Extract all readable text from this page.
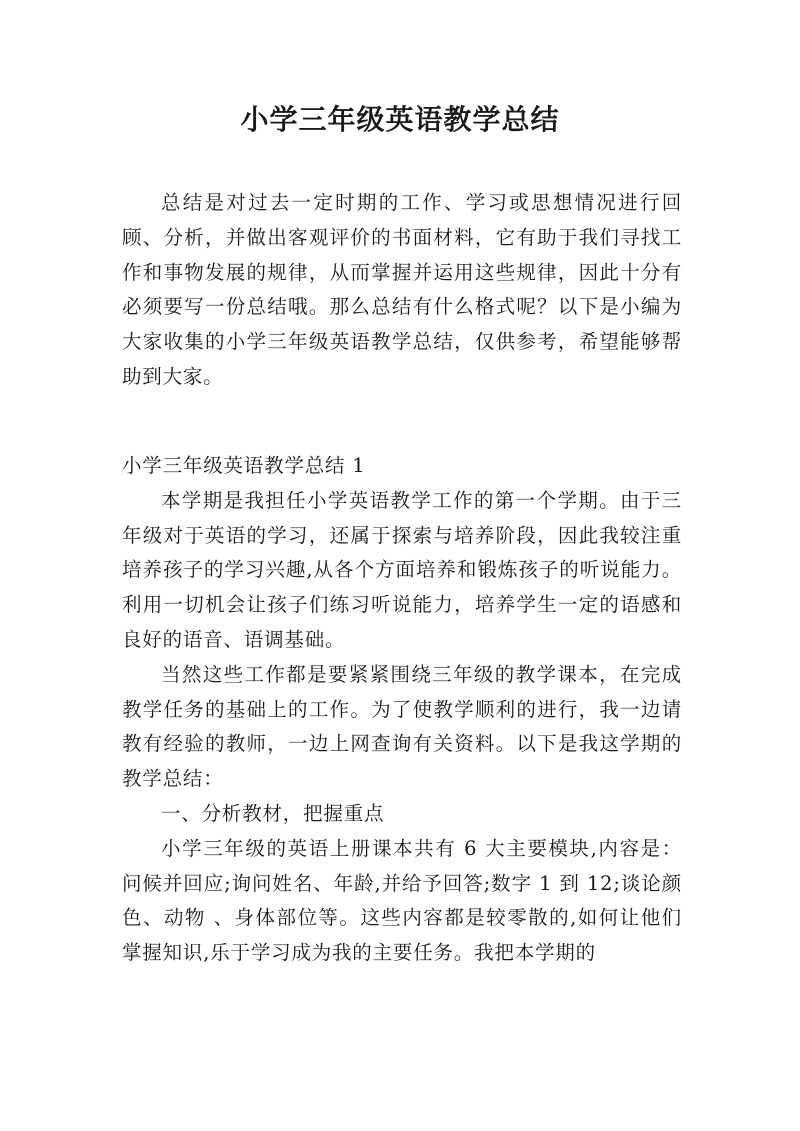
小学三年级英语教学总结

总结是对过去一定时期的工作、学习或思想情况进行回顾、分析，并做出客观评价的书面材料，它有助于我们寻找工作和事物发展的规律，从而掌握并运用这些规律，因此十分有必须要写一份总结哦。那么总结有什么格式呢？以下是小编为大家收集的小学三年级英语教学总结，仅供参考，希望能够帮助到大家。

小学三年级英语教学总结 1

本学期是我担任小学英语教学工作的第一个学期。由于三年级对于英语的学习，还属于探索与培养阶段，因此我较注重培养孩子的学习兴趣,从各个方面培养和锻炼孩子的听说能力。利用一切机会让孩子们练习听说能力，培养学生一定的语感和良好的语音、语调基础。

当然这些工作都是要紧紧围绕三年级的教学课本，在完成教学任务的基础上的工作。为了使教学顺利的进行，我一边请教有经验的教师，一边上网查询有关资料。以下是我这学期的教学总结：

一、分析教材，把握重点

小学三年级的英语上册课本共有 6 大主要模块,内容是：问候并回应;询问姓名、年龄,并给予回答;数字 1 到 12;谈论颜色、动物 、身体部位等。这些内容都是较零散的,如何让他们掌握知识,乐于学习成为我的主要任务。我把本学期的
